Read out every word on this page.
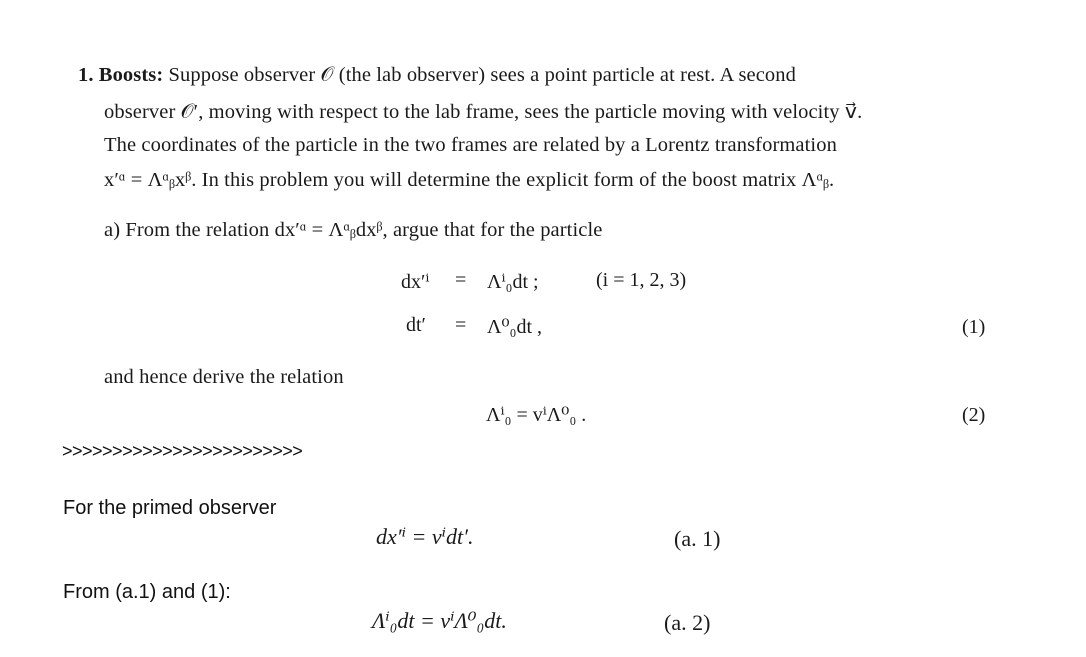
1. Boosts: Suppose observer 𝒪 (the lab observer) sees a point particle at rest. A second
observer 𝒪′, moving with respect to the lab frame, sees the particle moving with velocity v⃗.
The coordinates of the particle in the two frames are related by a Lorentz transformation
x′ᵅ = Λᵅᵦxᵝ. In this problem you will determine the explicit form of the boost matrix Λᵅᵦ.
a) From the relation dx′ᵅ = Λᵅᵦdxᵝ, argue that for the particle
dx′ⁱ = Λⁱ₀dt ;	(i = 1, 2, 3)
dt′ = Λ⁰₀dt ,	(1)
and hence derive the relation
Λⁱ₀ = vⁱΛ⁰₀ .	(2)
>>>>>>>>>>>>>>>>>>>>>>>>
For the primed observer
dx′ⁱ = vⁱdt′.	(a. 1)
From (a.1) and (1):
Λⁱ₀dt = vⁱΛ⁰₀dt.	(a. 2)
